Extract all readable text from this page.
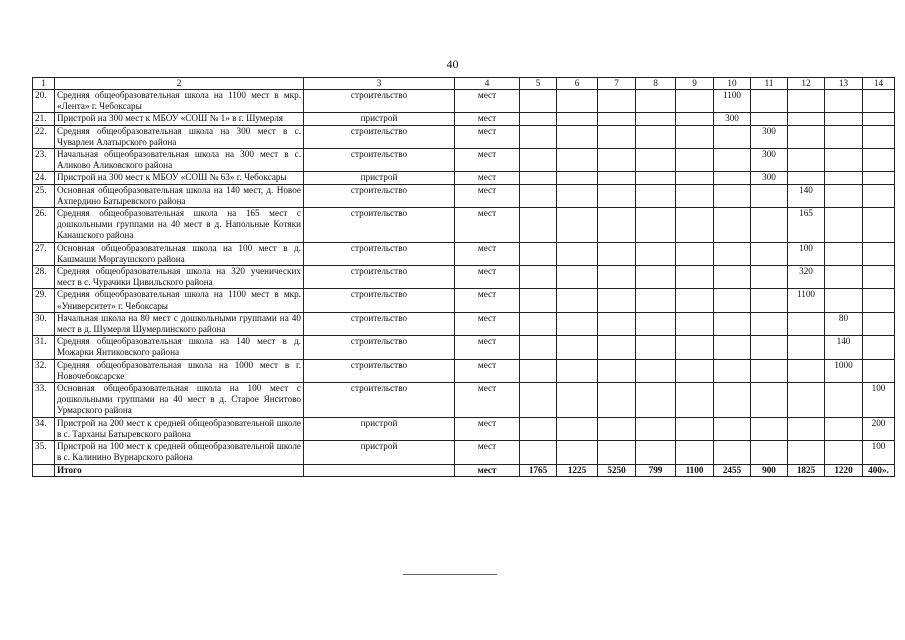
40
1	2	3	4	5	6	7	8	9	10	11	12	13	14
20.	Средняя общеобразовательная школа на 1100 мест в мкр. «Лента» г. Чебоксары	строительство	мест						1100				
21.	Пристрой на 300 мест к МБОУ «СОШ № 1» в г. Шумерля	пристрой	мест						300				
22.	Средняя общеобразовательная школа на 300 мест в с. Чуварлеи Алатырского района	строительство	мест							300			
23.	Начальная общеобразовательная школа на 300 мест в с. Аликово Аликовского района	строительство	мест							300			
24.	Пристрой на 300 мест к МБОУ «СОШ № 63» г. Чебоксары	пристрой	мест							300			
25.	Основная общеобразовательная школа на 140 мест, д. Новое Ахпердино Батыревского района	строительство	мест								140		
26.	Средняя общеобразовательная школа на 165 мест с дошкольными группами на 40 мест в д. Напольные Котяки Канашского района	строительство	мест								165		
27.	Основная общеобразовательная школа на 100 мест в д. Кашмаши Моргаушского района	строительство	мест								100		
28.	Средняя общеобразовательная школа на 320 ученических мест в с. Чурачики Цивильского района	строительство	мест								320		
29.	Средняя общеобразовательная школа на 1100 мест в мкр. «Университет» г. Чебоксары	строительство	мест								1100		
30.	Начальная школа на 80 мест с дошкольными группами на 40 мест в д. Шумерля Шумерлинского района	строительство	мест									80	
31.	Средняя общеобразовательная школа на 140 мест в д. Можарки Янтиковского района	строительство	мест									140	
32.	Средняя общеобразовательная школа на 1000 мест в г. Новочебоксарске	строительство	мест									1000	
33.	Основная общеобразовательная школа на 100 мест с дошкольными группами на 40 мест в д. Старое Янситово Урмарского района	строительство	мест										100
34.	Пристрой на 200 мест к средней общеобразовательной школе в с. Тарханы Батыревского района	пристрой	мест										200
35.	Пристрой на 100 мест к средней общеобразовательной школе в с. Калинино Вурнарского района	пристрой	мест										100
	Итого		мест	1765	1225	5250	799	1100	2455	900	1825	1220	400».
